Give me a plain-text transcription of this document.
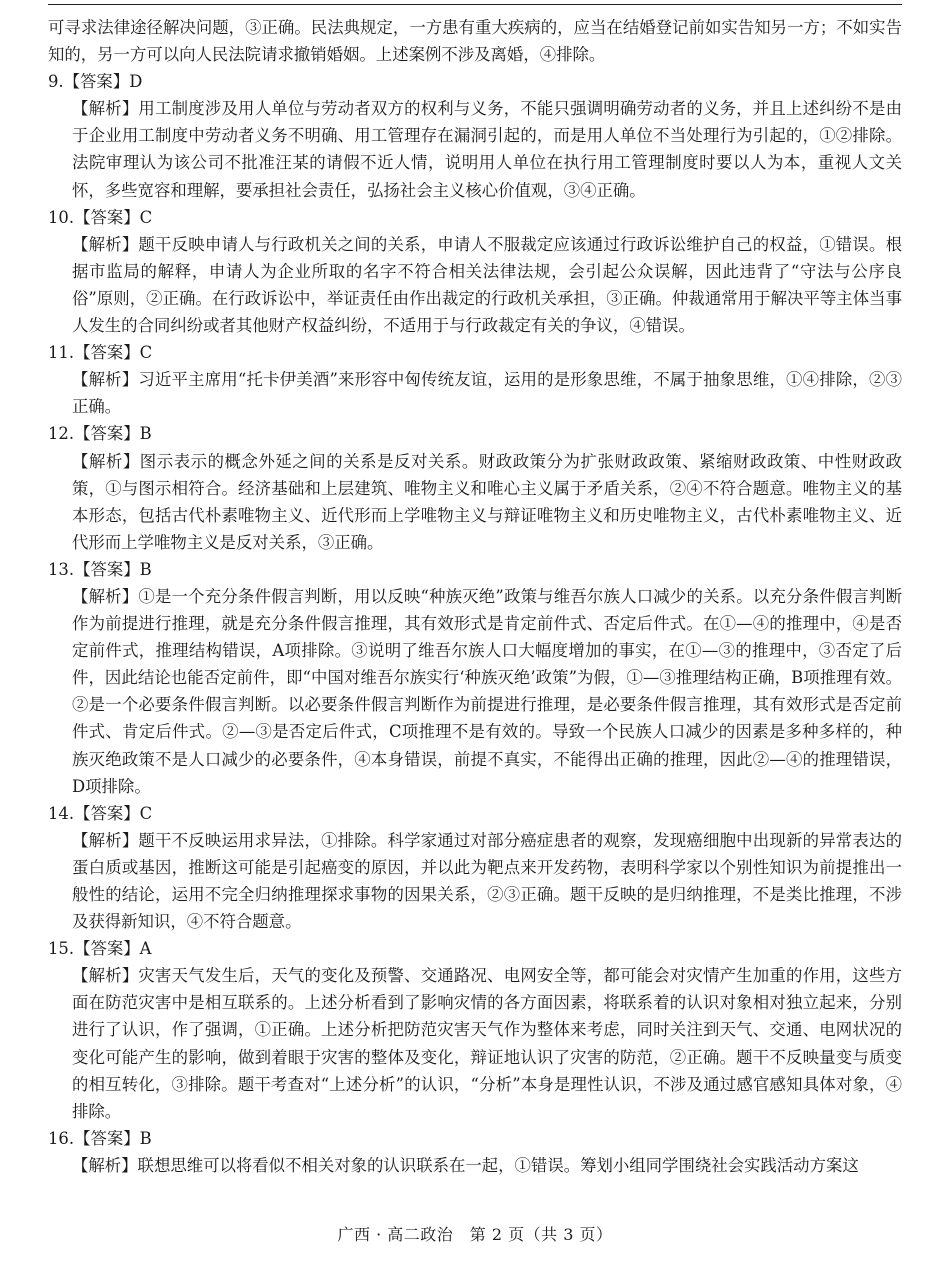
可寻求法律途径解决问题，③正确。民法典规定，一方患有重大疾病的，应当在结婚登记前如实告知另一方；不如实告知的，另一方可以向人民法院请求撤销婚姻。上述案例不涉及离婚，④排除。

9.【答案】D

【解析】用工制度涉及用人单位与劳动者双方的权利与义务，不能只强调明确劳动者的义务，并且上述纠纷不是由于企业用工制度中劳动者义务不明确、用工管理存在漏洞引起的，而是用人单位不当处理行为引起的，①②排除。法院审理认为该公司不批准汪某的请假不近人情，说明用人单位在执行用工管理制度时要以人为本，重视人文关怀，多些宽容和理解，要承担社会责任，弘扬社会主义核心价值观，③④正确。

10.【答案】C

【解析】题干反映申请人与行政机关之间的关系，申请人不服裁定应该通过行政诉讼维护自己的权益，①错误。根据市监局的解释，申请人为企业所取的名字不符合相关法律法规，会引起公众误解，因此违背了“守法与公序良俗”原则，②正确。在行政诉讼中，举证责任由作出裁定的行政机关承担，③正确。仲裁通常用于解决平等主体当事人发生的合同纠纷或者其他财产权益纠纷，不适用于与行政裁定有关的争议，④错误。

11.【答案】C

【解析】习近平主席用“托卡伊美酒”来形容中匈传统友谊，运用的是形象思维，不属于抽象思维，①④排除，②③正确。

12.【答案】B

【解析】图示表示的概念外延之间的关系是反对关系。财政政策分为扩张财政政策、紧缩财政政策、中性财政政策，①与图示相符合。经济基础和上层建筑、唯物主义和唯心主义属于矛盾关系，②④不符合题意。唯物主义的基本形态，包括古代朴素唯物主义、近代形而上学唯物主义与辩证唯物主义和历史唯物主义，古代朴素唯物主义、近代形而上学唯物主义是反对关系，③正确。

13.【答案】B

【解析】①是一个充分条件假言判断，用以反映“种族灭绝”政策与维吾尔族人口减少的关系。以充分条件假言判断作为前提进行推理，就是充分条件假言推理，其有效形式是肯定前件式、否定后件式。在①—④的推理中，④是否定前件式，推理结构错误，A项排除。③说明了维吾尔族人口大幅度增加的事实，在①—③的推理中，③否定了后件，因此结论也能否定前件，即“中国对维吾尔族实行‘种族灭绝’政策”为假，①—③推理结构正确，B项推理有效。②是一个必要条件假言判断。以必要条件假言判断作为前提进行推理，是必要条件假言推理，其有效形式是否定前件式、肯定后件式。②—③是否定后件式，C项推理不是有效的。导致一个民族人口减少的因素是多种多样的，种族灭绝政策不是人口减少的必要条件，④本身错误，前提不真实，不能得出正确的推理，因此②—④的推理错误，D项排除。

14.【答案】C

【解析】题干不反映运用求异法，①排除。科学家通过对部分癌症患者的观察，发现癌细胞中出现新的异常表达的蛋白质或基因，推断这可能是引起癌变的原因，并以此为靶点来开发药物，表明科学家以个别性知识为前提推出一般性的结论，运用不完全归纳推理探求事物的因果关系，②③正确。题干反映的是归纳推理，不是类比推理，不涉及获得新知识，④不符合题意。

15.【答案】A

【解析】灾害天气发生后，天气的变化及预警、交通路况、电网安全等，都可能会对灾情产生加重的作用，这些方面在防范灾害中是相互联系的。上述分析看到了影响灾情的各方面因素，将联系着的认识对象相对独立起来，分别进行了认识，作了强调，①正确。上述分析把防范灾害天气作为整体来考虑，同时关注到天气、交通、电网状况的变化可能产生的影响，做到着眼于灾害的整体及变化，辩证地认识了灾害的防范，②正确。题干不反映量变与质变的相互转化，③排除。题干考查对“上述分析”的认识，“分析”本身是理性认识，不涉及通过感官感知具体对象，④排除。

16.【答案】B

【解析】联想思维可以将看似不相关对象的认识联系在一起，①错误。筹划小组同学围绕社会实践活动方案这

广西 · 高二政治　第 2 页（共 3 页）
